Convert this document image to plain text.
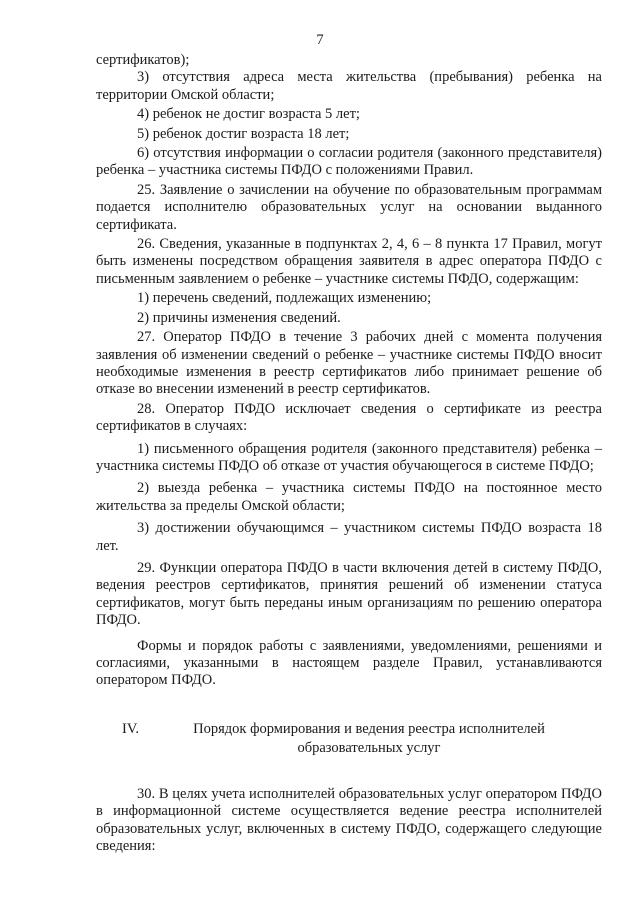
7

сертификатов);

3) отсутствия адреса места жительства (пребывания) ребенка на территории Омской области;

4) ребенок не достиг возраста 5 лет;

5) ребенок достиг возраста 18 лет;

6) отсутствия информации о согласии родителя (законного представителя) ребенка – участника системы ПФДО с положениями Правил.

25. Заявление о зачислении на обучение по образовательным программам подается исполнителю образовательных услуг на основании выданного сертификата.

26. Сведения, указанные в подпунктах 2, 4, 6 – 8 пункта 17 Правил, могут быть изменены посредством обращения заявителя в адрес оператора ПФДО с письменным заявлением о ребенке – участнике системы ПФДО, содержащим:

1) перечень сведений, подлежащих изменению;

2) причины изменения сведений.

27. Оператор ПФДО в течение 3 рабочих дней с момента получения заявления об изменении сведений о ребенке – участнике системы ПФДО вносит необходимые изменения в реестр сертификатов либо принимает решение об отказе во внесении изменений в реестр сертификатов.

28. Оператор ПФДО исключает сведения о сертификате из реестра сертификатов в случаях:

1) письменного обращения родителя (законного представителя) ребенка – участника системы ПФДО об отказе от участия обучающегося в системе ПФДО;

2) выезда ребенка – участника системы ПФДО на постоянное место жительства за пределы Омской области;

3) достижении обучающимся – участником системы ПФДО возраста 18 лет.

29. Функции оператора ПФДО в части включения детей в систему ПФДО, ведения реестров сертификатов, принятия решений об изменении статуса сертификатов, могут быть переданы иным организациям по решению оператора ПФДО.

Формы и порядок работы с заявлениями, уведомлениями, решениями и согласиями, указанными в настоящем разделе Правил, устанавливаются оператором ПФДО.

IV.	Порядок формирования и ведения реестра исполнителей образовательных услуг

30. В целях учета исполнителей образовательных услуг оператором ПФДО в информационной системе осуществляется ведение реестра исполнителей образовательных услуг, включенных в систему ПФДО, содержащего следующие сведения:
